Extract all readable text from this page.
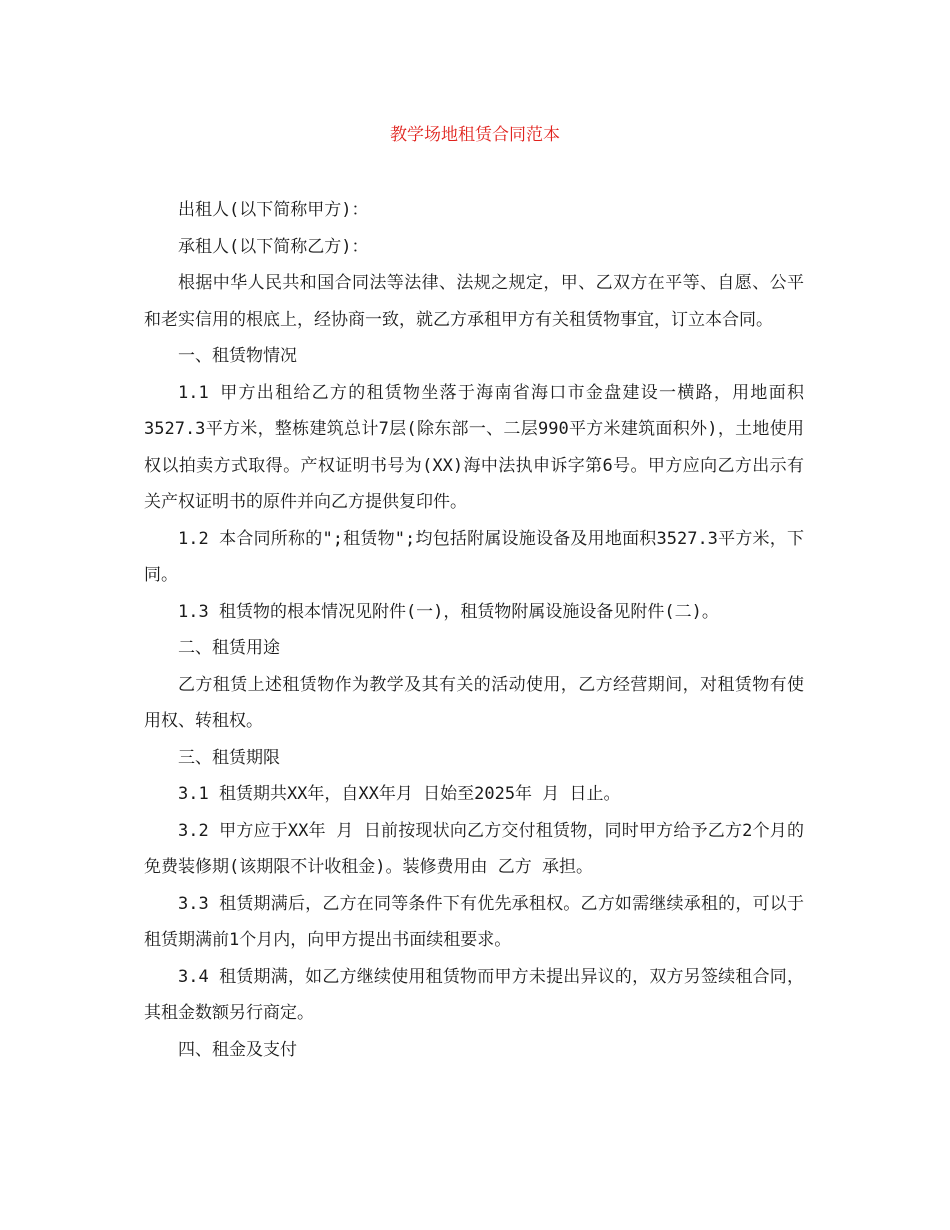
教学场地租赁合同范本

出租人(以下简称甲方)：

承租人(以下简称乙方)：

根据中华人民共和国合同法等法律、法规之规定，甲、乙双方在平等、自愿、公平和老实信用的根底上，经协商一致，就乙方承租甲方有关租赁物事宜，订立本合同。

一、租赁物情况

1.1 甲方出租给乙方的租赁物坐落于海南省海口市金盘建设一横路，用地面积3527.3平方米，整栋建筑总计7层(除东部一、二层990平方米建筑面积外)，土地使用权以拍卖方式取得。产权证明书号为(XX)海中法执申诉字第6号。甲方应向乙方出示有关产权证明书的原件并向乙方提供复印件。

1.2 本合同所称的";租赁物";均包括附属设施设备及用地面积3527.3平方米，下同。

1.3 租赁物的根本情况见附件(一)，租赁物附属设施设备见附件(二)。

二、租赁用途

乙方租赁上述租赁物作为教学及其有关的活动使用，乙方经营期间，对租赁物有使用权、转租权。

三、租赁期限

3.1 租赁期共XX年，自XX年月 日始至2025年 月 日止。

3.2 甲方应于XX年 月 日前按现状向乙方交付租赁物，同时甲方给予乙方2个月的免费装修期(该期限不计收租金)。装修费用由 乙方 承担。

3.3 租赁期满后，乙方在同等条件下有优先承租权。乙方如需继续承租的，可以于租赁期满前1个月内，向甲方提出书面续租要求。

3.4 租赁期满，如乙方继续使用租赁物而甲方未提出异议的，双方另签续租合同，其租金数额另行商定。

四、租金及支付
